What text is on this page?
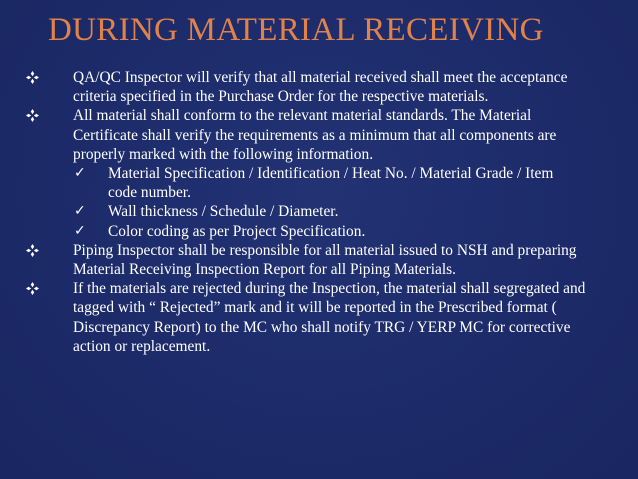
DURING MATERIAL RECEIVING
QA/QC Inspector will verify that all material received shall meet the acceptance criteria specified in the Purchase Order for the respective materials.
All material shall conform to the relevant material standards. The Material Certificate shall verify the requirements as a minimum that all components are properly marked with the following information.
✓ Material Specification / Identification / Heat No. / Material Grade / Item code number.
✓ Wall thickness / Schedule / Diameter.
✓ Color coding as per Project Specification.
Piping Inspector shall be responsible for all material issued to NSH and preparing Material Receiving Inspection Report for all Piping Materials.
If the materials are rejected during the Inspection, the material shall segregated and tagged with “ Rejected” mark and it will be reported in the Prescribed format ( Discrepancy Report) to the MC who shall notify TRG / YERP MC for corrective action or replacement.
